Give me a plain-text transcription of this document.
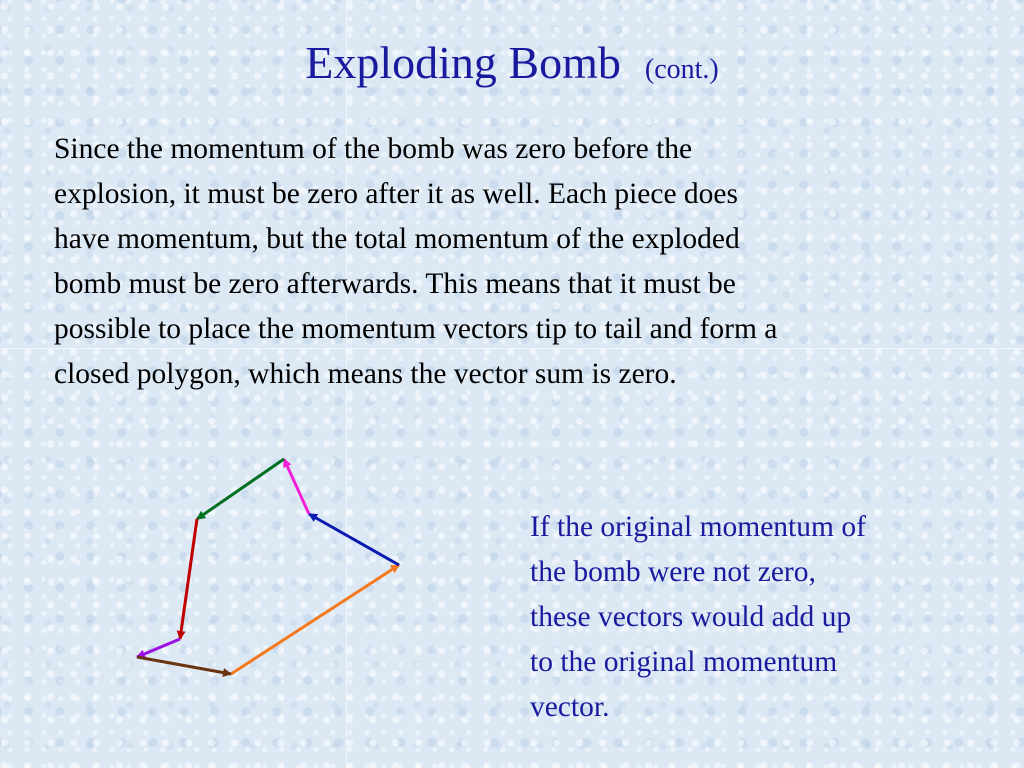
Exploding Bomb (cont.)
Since the momentum of the bomb was zero before the
explosion, it must be zero after it as well. Each piece does
have momentum, but the total momentum of the exploded
bomb must be zero afterwards. This means that it must be
possible to place the momentum vectors tip to tail and form a
closed polygon, which means the vector sum is zero.
If the original momentum of
the bomb were not zero,
these vectors would add up
to the original momentum
vector.
